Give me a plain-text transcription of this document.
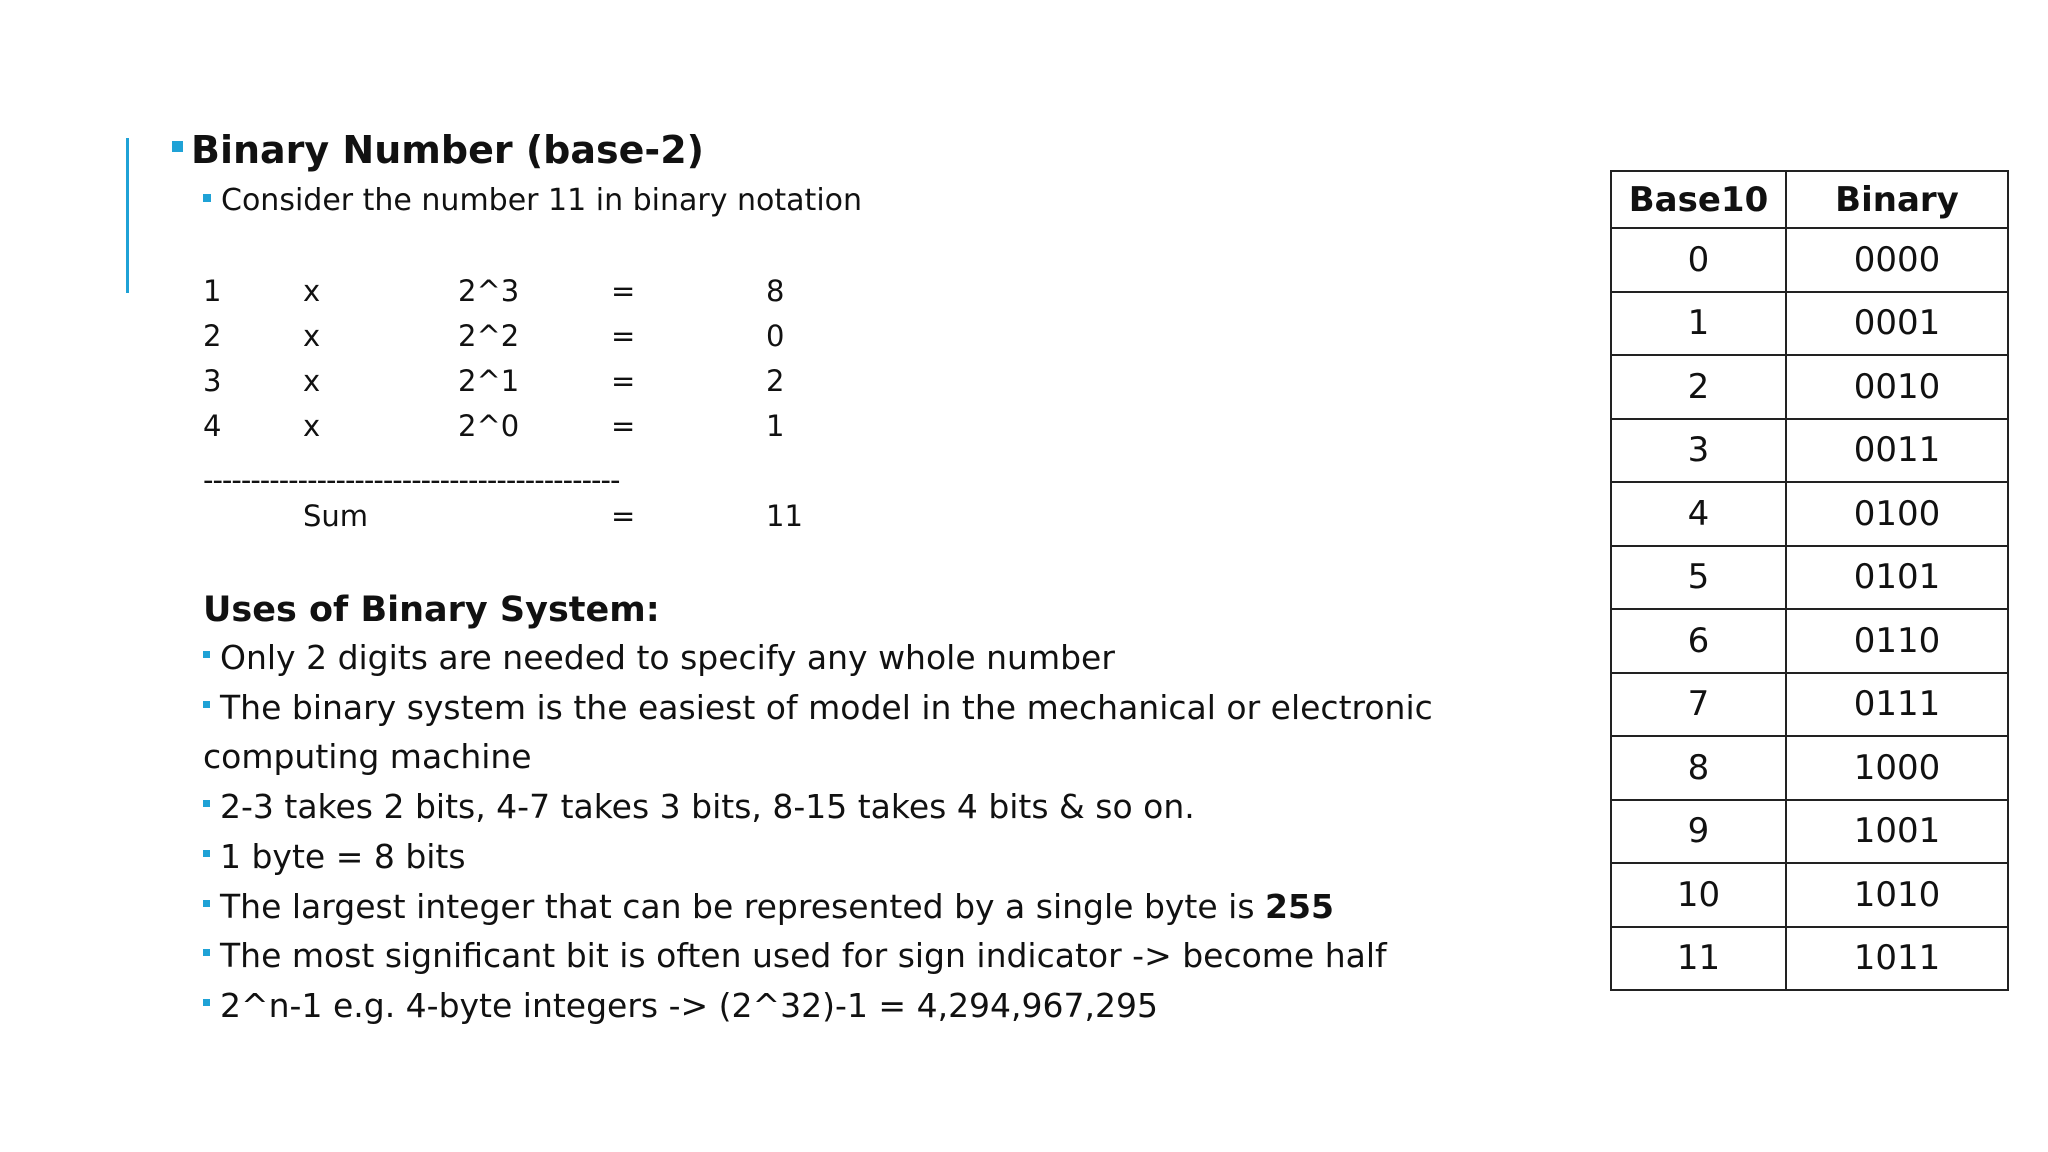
Binary Number (base-2)
Consider the number 11 in binary notation
1	x	2^3	=	8
2	x	2^2	=	0
3	x	2^1	=	2
4	x	2^0	=	1
--------------------------------------------
Sum	=	11
Uses of Binary System:
Only 2 digits are needed to specify any whole number
The binary system is the easiest of model in the mechanical or electronic
computing machine
2-3 takes 2 bits, 4-7 takes 3 bits, 8-15 takes 4 bits & so on.
1 byte = 8 bits
The largest integer that can be represented by a single byte is 255
The most significant bit is often used for sign indicator -> become half
2^n-1 e.g. 4-byte integers -> (2^32)-1 = 4,294,967,295
Base10	Binary
0	0000
1	0001
2	0010
3	0011
4	0100
5	0101
6	0110
7	0111
8	1000
9	1001
10	1010
11	1011
